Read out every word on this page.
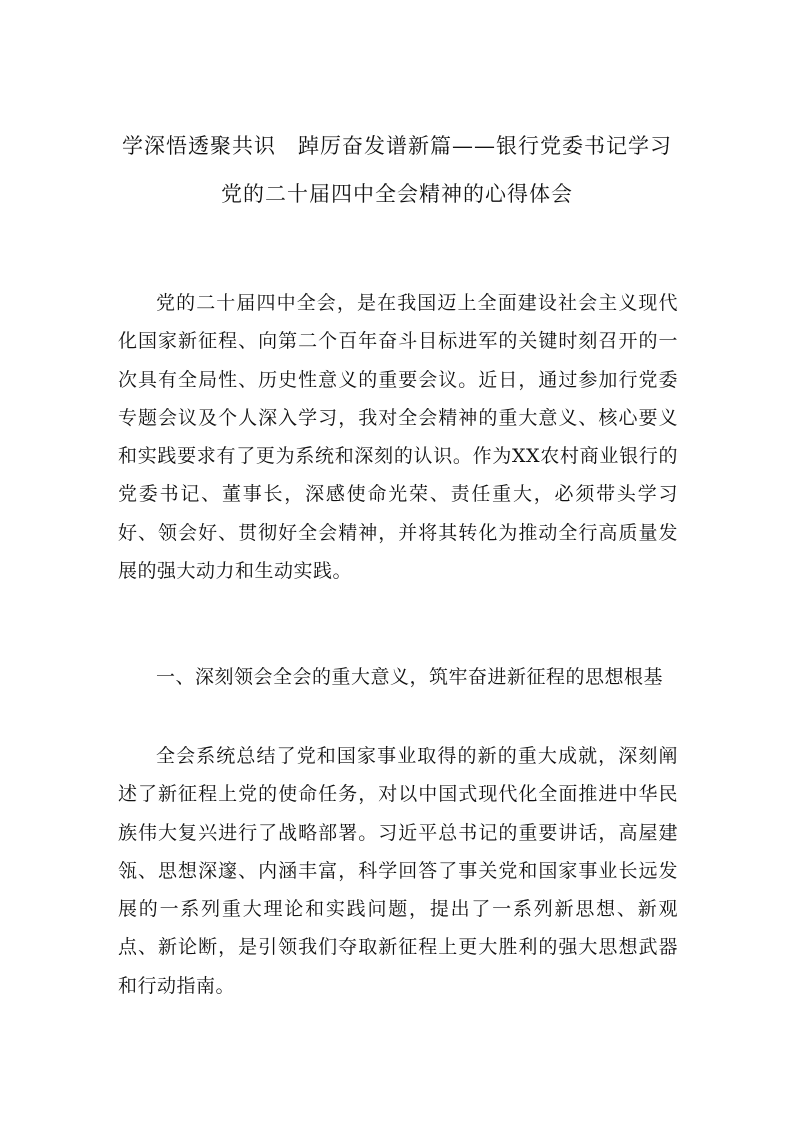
学深悟透聚共识　踔厉奋发谱新篇——银行党委书记学习党的二十届四中全会精神的心得体会
党的二十届四中全会，是在我国迈上全面建设社会主义现代化国家新征程、向第二个百年奋斗目标进军的关键时刻召开的一次具有全局性、历史性意义的重要会议。近日，通过参加行党委专题会议及个人深入学习，我对全会精神的重大意义、核心要义和实践要求有了更为系统和深刻的认识。作为XX农村商业银行的党委书记、董事长，深感使命光荣、责任重大，必须带头学习好、领会好、贯彻好全会精神，并将其转化为推动全行高质量发展的强大动力和生动实践。
一、深刻领会全会的重大意义，筑牢奋进新征程的思想根基
全会系统总结了党和国家事业取得的新的重大成就，深刻阐述了新征程上党的使命任务，对以中国式现代化全面推进中华民族伟大复兴进行了战略部署。习近平总书记的重要讲话，高屋建瓴、思想深邃、内涵丰富，科学回答了事关党和国家事业长远发展的一系列重大理论和实践问题，提出了一系列新思想、新观点、新论断，是引领我们夺取新征程上更大胜利的强大思想武器和行动指南。
